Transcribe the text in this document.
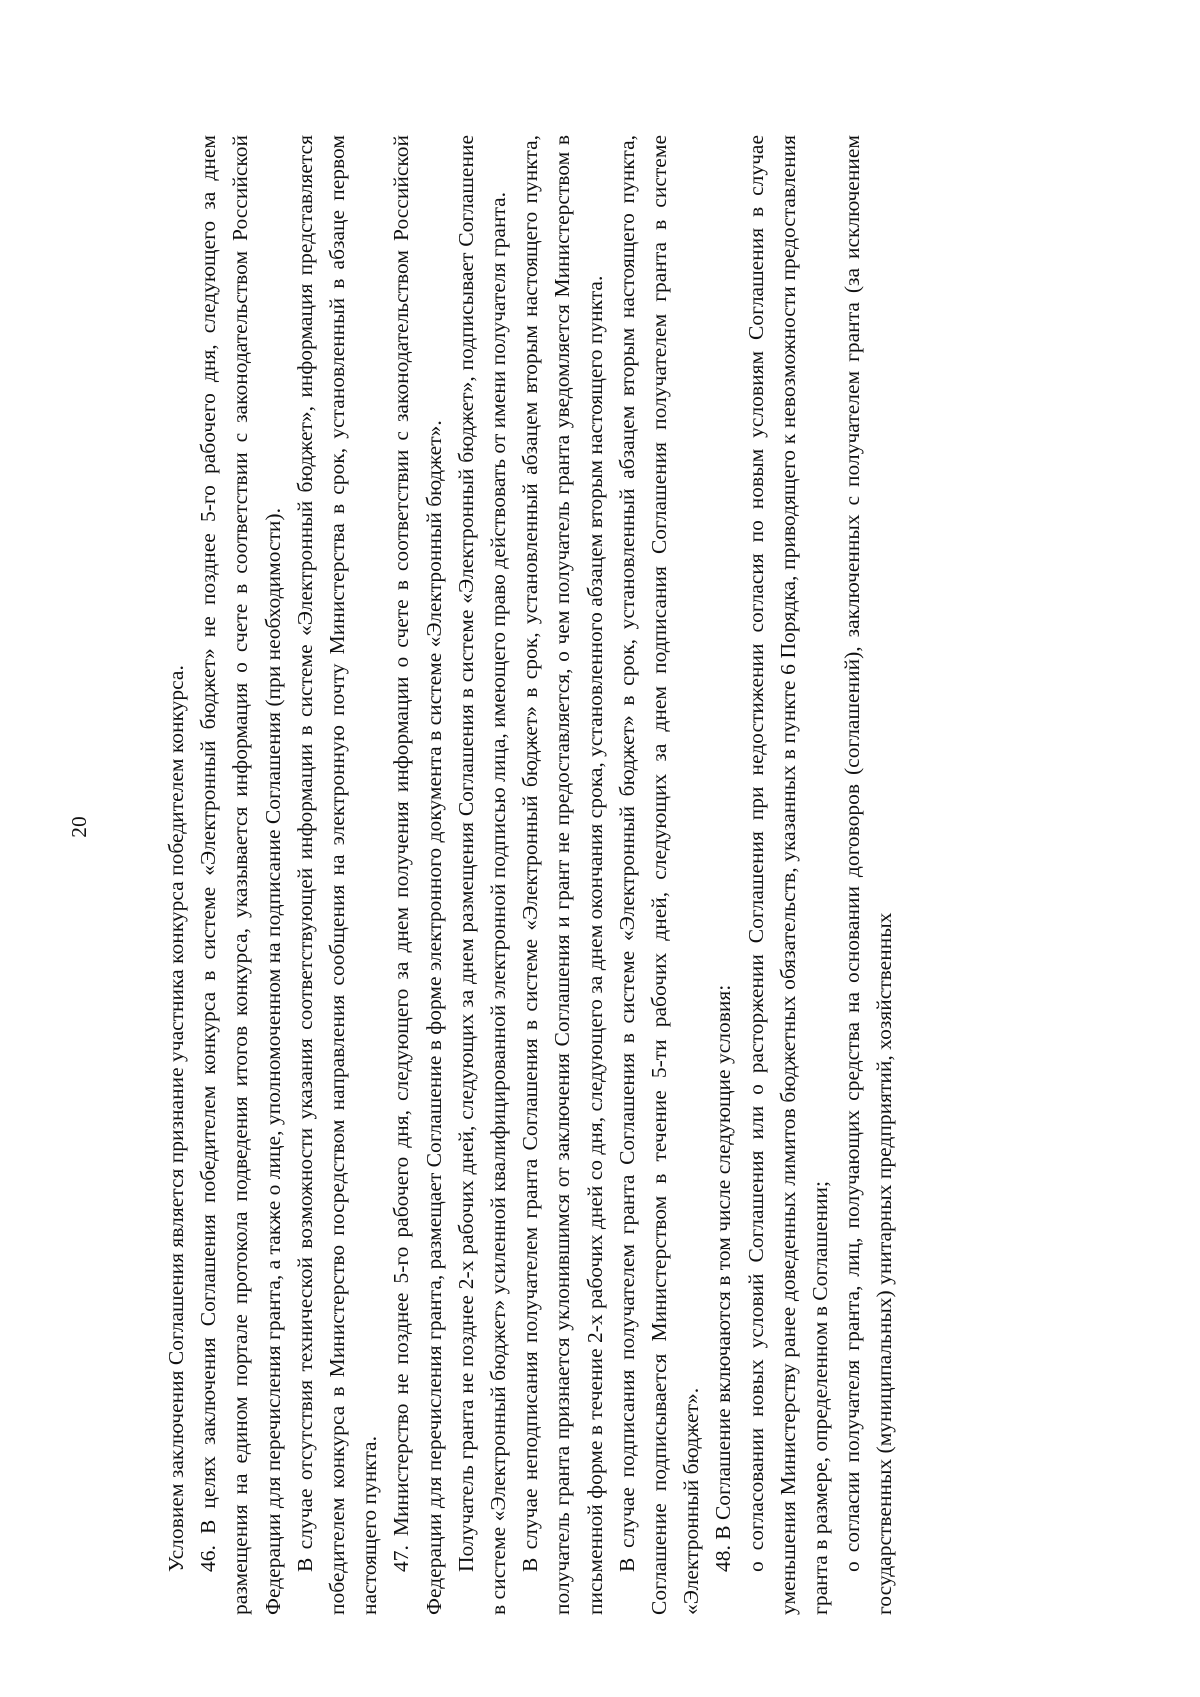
20	Условием заключения Соглашения является признание участника конкурса победителем конкурса. 46. В целях заключения Соглашения победителем конкурса в системе «Электронный бюджет» не позднее 5-го рабочего дня, следующего за днем размещения на едином портале протокола подведения итогов конкурса, указывается информация о счете в соответствии с законодательством Российской Федерации для перечисления гранта, а также о лице, уполномоченном на подписание Соглашения (при необходимости). В случае отсутствия технической возможности указания соответствующей информации в системе «Электронный бюджет», информация представляется победителем конкурса в Министерство посредством направления сообщения на электронную почту Министерства в срок, установленный в абзаце первом настоящего пункта. 47. Министерство не позднее 5-го рабочего дня, следующего за днем получения информации о счете в соответствии с законодательством Российской Федерации для перечисления гранта, размещает Соглашение в форме электронного документа в системе «Электронный бюджет». Получатель гранта не позднее 2-х рабочих дней, следующих за днем размещения Соглашения в системе «Электронный бюджет», подписывает Соглашение в системе «Электронный бюджет» усиленной квалифицированной электронной подписью лица, имеющего право действовать от имени получателя гранта. В случае неподписания получателем гранта Соглашения в системе «Электронный бюджет» в срок, установленный абзацем вторым настоящего пункта, получатель гранта признается уклонившимся от заключения Соглашения и грант не предоставляется, о чем получатель гранта уведомляется Министерством в письменной форме в течение 2-х рабочих дней со дня, следующего за днем окончания срока, установленного абзацем вторым настоящего пункта. В случае подписания получателем гранта Соглашения в системе «Электронный бюджет» в срок, установленный абзацем вторым настоящего пункта, Соглашение подписывается Министерством в течение 5-ти рабочих дней, следующих за днем подписания Соглашения получателем гранта в системе «Электронный бюджет». 48. В Соглашение включаются в том числе следующие условия: о согласовании новых условий Соглашения или о расторжении Соглашения при недостижении согласия по новым условиям Соглашения в случае уменьшения Министерству ранее доведенных лимитов бюджетных обязательств, указанных в пункте 6 Порядка, приводящего к невозможности предоставления гранта в размере, определенном в Соглашении; о согласии получателя гранта, лиц, получающих средства на основании договоров (соглашений), заключенных с получателем гранта (за исключением государственных (муниципальных) унитарных предприятий, хозяйственных
